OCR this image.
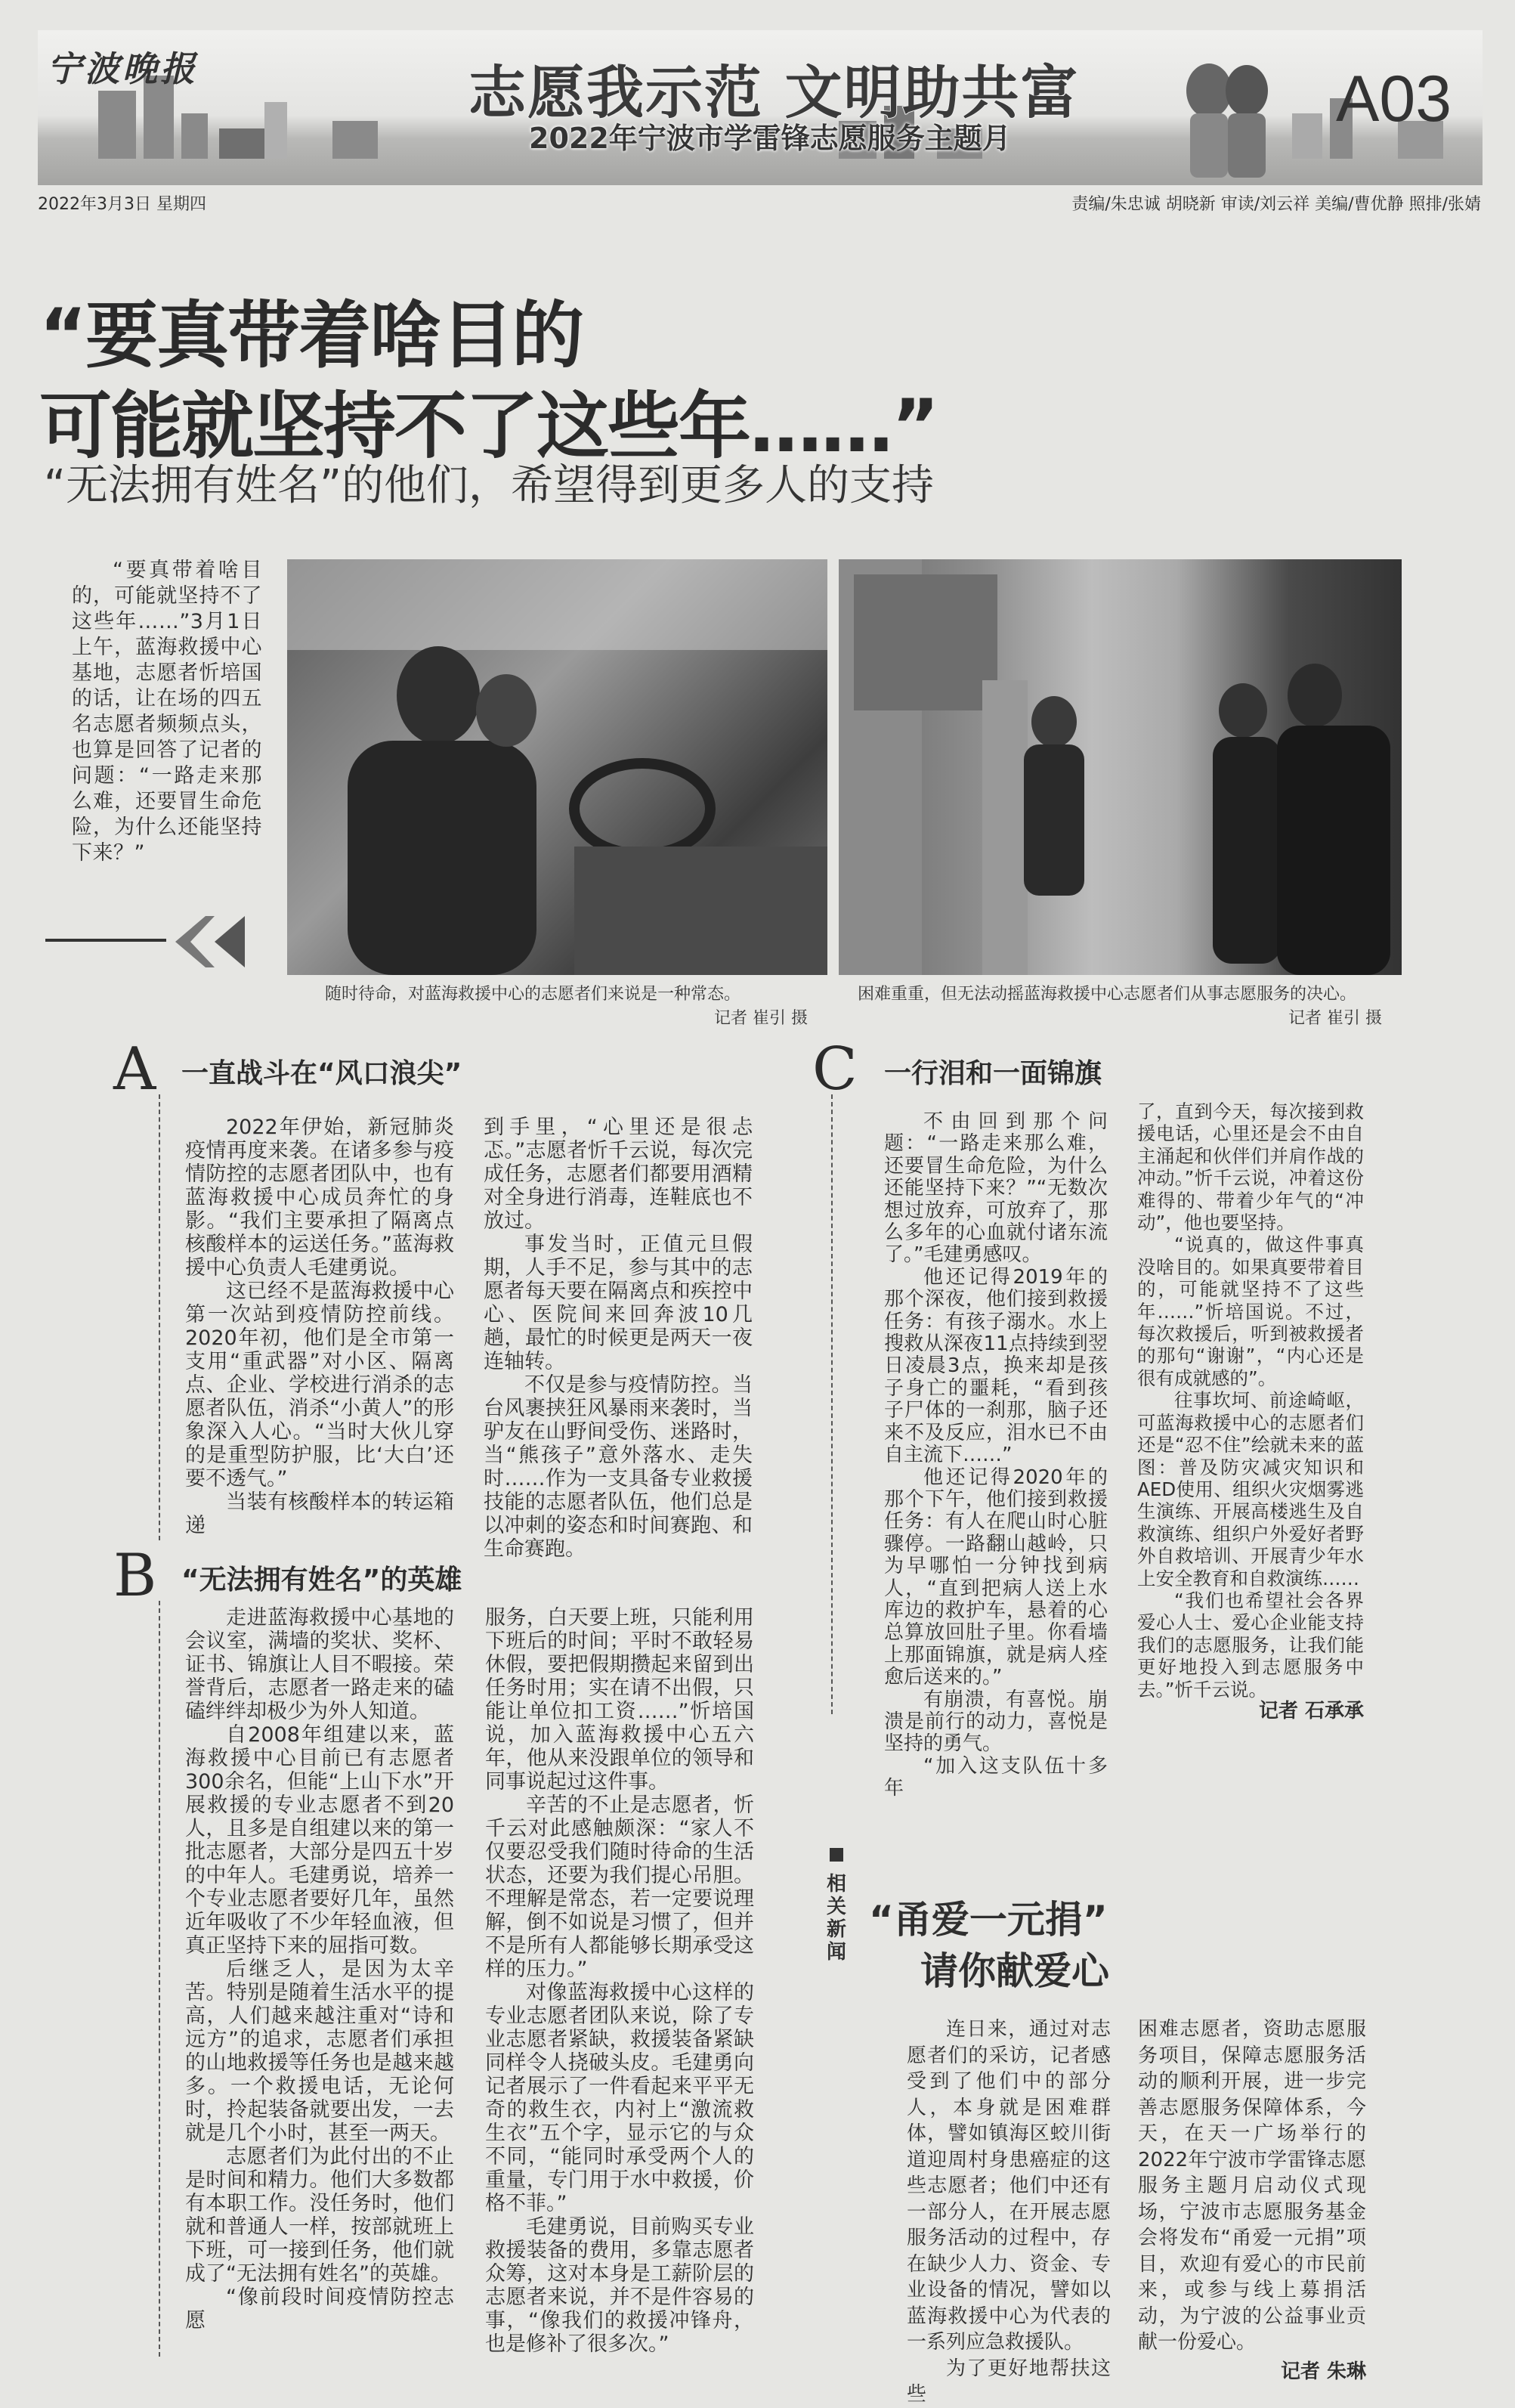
宁波晚报	志愿我示范 文明助共富
2022年宁波市学雷锋志愿服务主题月
A03
2022年3月3日 星期四	责编/朱忠诚 胡晓新 审读/刘云祥 美编/曹优静 照排/张婧
“要真带着啥目的
可能就坚持不了这些年……”
“无法拥有姓名”的他们，希望得到更多人的支持

“要真带着啥目的，可能就坚持不了这些年……”3月1日上午，蓝海救援中心基地，志愿者忻培国的话，让在场的四五名志愿者频频点头，也算是回答了记者的问题：“一路走来那么难，还要冒生命危险，为什么还能坚持下来？”

随时待命，对蓝海救援中心的志愿者们来说是一种常态。
记者 崔引 摄
困难重重，但无法动摇蓝海救援中心志愿者们从事志愿服务的决心。
记者 崔引 摄
A 一直战斗在“风口浪尖”

2022年伊始，新冠肺炎疫情再度来袭。在诸多参与疫情防控的志愿者团队中，也有蓝海救援中心成员奔忙的身影。“我们主要承担了隔离点核酸样本的运送任务。”蓝海救援中心负责人毛建勇说。

这已经不是蓝海救援中心第一次站到疫情防控前线。2020年初，他们是全市第一支用“重武器”对小区、隔离点、企业、学校进行消杀的志愿者队伍，消杀“小黄人”的形象深入人心。“当时大伙儿穿的是重型防护服，比‘大白’还要不透气。”

当装有核酸样本的转运箱递

到手里，“心里还是很忐忑。”志愿者忻千云说，每次完成任务，志愿者们都要用酒精对全身进行消毒，连鞋底也不放过。

事发当时，正值元旦假期，人手不足，参与其中的志愿者每天要在隔离点和疾控中心、医院间来回奔波10几趟，最忙的时候更是两天一夜连轴转。

不仅是参与疫情防控。当台风裹挟狂风暴雨来袭时，当驴友在山野间受伤、迷路时，当“熊孩子”意外落水、走失时……作为一支具备专业救援技能的志愿者队伍，他们总是以冲刺的姿态和时间赛跑、和生命赛跑。

B “无法拥有姓名”的英雄

走进蓝海救援中心基地的会议室，满墙的奖状、奖杯、证书、锦旗让人目不暇接。荣誉背后，志愿者一路走来的磕磕绊绊却极少为外人知道。

自2008年组建以来，蓝海救援中心目前已有志愿者300余名，但能“上山下水”开展救援的专业志愿者不到20人，且多是自组建以来的第一批志愿者，大部分是四五十岁的中年人。毛建勇说，培养一个专业志愿者要好几年，虽然近年吸收了不少年轻血液，但真正坚持下来的屈指可数。

后继乏人，是因为太辛苦。特别是随着生活水平的提高，人们越来越注重对“诗和远方”的追求，志愿者们承担的山地救援等任务也是越来越多。一个救援电话，无论何时，拎起装备就要出发，一去就是几个小时，甚至一两天。

志愿者们为此付出的不止是时间和精力。他们大多数都有本职工作。没任务时，他们就和普通人一样，按部就班上下班，可一接到任务，他们就成了“无法拥有姓名”的英雄。

“像前段时间疫情防控志愿

服务，白天要上班，只能利用下班后的时间；平时不敢轻易休假，要把假期攒起来留到出任务时用；实在请不出假，只能让单位扣工资……”忻培国说，加入蓝海救援中心五六年，他从来没跟单位的领导和同事说起过这件事。

辛苦的不止是志愿者，忻千云对此感触颇深：“家人不仅要忍受我们随时待命的生活状态，还要为我们提心吊胆。不理解是常态，若一定要说理解，倒不如说是习惯了，但并不是所有人都能够长期承受这样的压力。”

对像蓝海救援中心这样的专业志愿者团队来说，除了专业志愿者紧缺，救援装备紧缺同样令人挠破头皮。毛建勇向记者展示了一件看起来平平无奇的救生衣，内衬上“激流救生衣”五个字，显示它的与众不同，“能同时承受两个人的重量，专门用于水中救援，价格不菲。”

毛建勇说，目前购买专业救援装备的费用，多靠志愿者众筹，这对本身是工薪阶层的志愿者来说，并不是件容易的事，“像我们的救援冲锋舟，也是修补了很多次。”

C 一行泪和一面锦旗

不由回到那个问题：“一路走来那么难，还要冒生命危险，为什么还能坚持下来？”“无数次想过放弃，可放弃了，那么多年的心血就付诸东流了。”毛建勇感叹。

他还记得2019年的那个深夜，他们接到救援任务：有孩子溺水。水上搜救从深夜11点持续到翌日凌晨3点，换来却是孩子身亡的噩耗，“看到孩子尸体的一刹那，脑子还来不及反应，泪水已不由自主流下……”

他还记得2020年的那个下午，他们接到救援任务：有人在爬山时心脏骤停。一路翻山越岭，只为早哪怕一分钟找到病人，“直到把病人送上水库边的救护车，悬着的心总算放回肚子里。你看墙上那面锦旗，就是病人痊愈后送来的。”

有崩溃，有喜悦。崩溃是前行的动力，喜悦是坚持的勇气。

“加入这支队伍十多年

了，直到今天，每次接到救援电话，心里还是会不由自主涌起和伙伴们并肩作战的冲动。”忻千云说，冲着这份难得的、带着少年气的“冲动”，他也要坚持。

“说真的，做这件事真没啥目的。如果真要带着目的，可能就坚持不了这些年……”忻培国说。不过，每次救援后，听到被救援者的那句“谢谢”，“内心还是很有成就感的”。

往事坎坷、前途崎岖，可蓝海救援中心的志愿者们还是“忍不住”绘就未来的蓝图：普及防灾减灾知识和AED使用、组织火灾烟雾逃生演练、开展高楼逃生及自救演练、组织户外爱好者野外自救培训、开展青少年水上安全教育和自救演练……

“我们也希望社会各界爱心人士、爱心企业能支持我们的志愿服务，让我们能更好地投入到志愿服务中去。”忻千云说。

记者 石承承
相关新闻
“甬爱一元捐”
请你献爱心

连日来，通过对志愿者们的采访，记者感受到了他们中的部分人，本身就是困难群体，譬如镇海区蛟川街道迎周村身患癌症的这些志愿者；他们中还有一部分人，在开展志愿服务活动的过程中，存在缺少人力、资金、专业设备的情况，譬如以蓝海救援中心为代表的一系列应急救援队。

为了更好地帮扶这些

困难志愿者，资助志愿服务项目，保障志愿服务活动的顺利开展，进一步完善志愿服务保障体系，今天，在天一广场举行的2022年宁波市学雷锋志愿服务主题月启动仪式现场，宁波市志愿服务基金会将发布“甬爱一元捐”项目，欢迎有爱心的市民前来，或参与线上募捐活动，为宁波的公益事业贡献一份爱心。

记者 朱琳
